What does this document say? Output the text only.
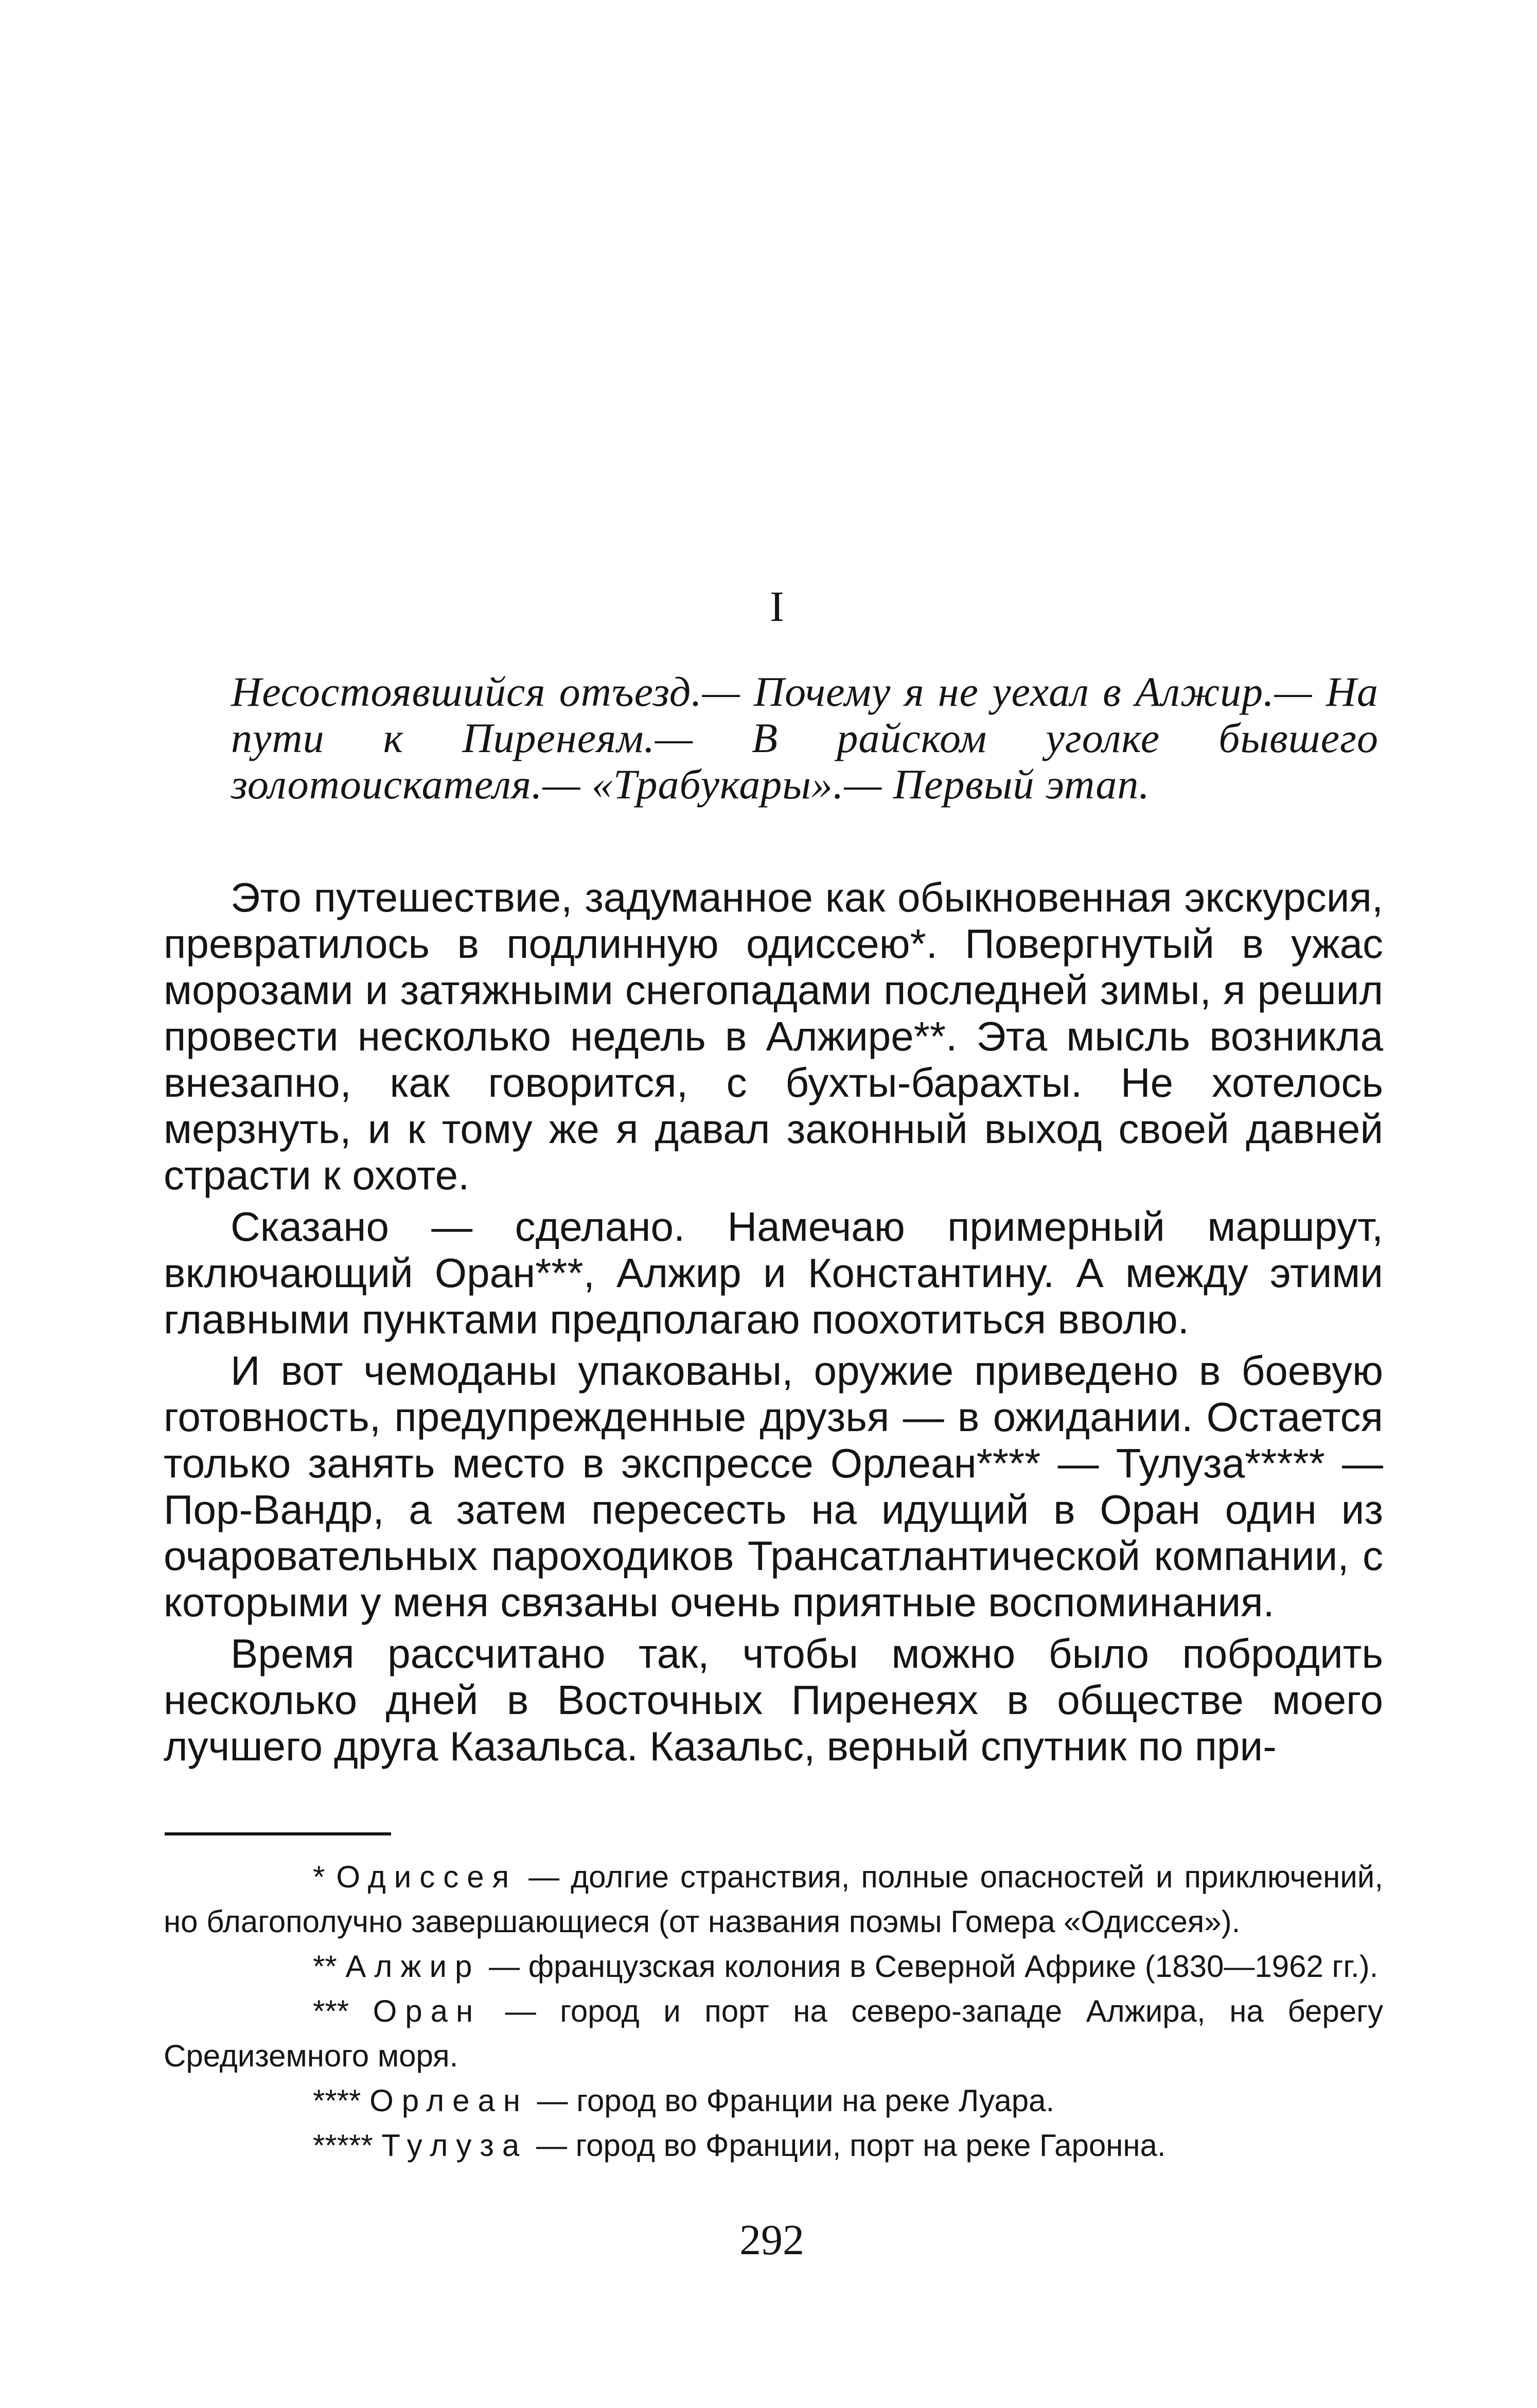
I

Несостоявшийся отъезд.— Почему я не уехал в Алжир.— На пути к Пиренеям.— В райском уголке бывшего золотоискателя.— «Трабукары».— Первый этап.

Это путешествие, задуманное как обыкновенная экскурсия, превратилось в подлинную одиссею*. Повергнутый в ужас морозами и затяжными снегопадами последней зимы, я решил провести несколько недель в Алжире**. Эта мысль возникла внезапно, как говорится, с бухты-барахты. Не хотелось мерзнуть, и к тому же я давал законный выход своей давней страсти к охоте.

Сказано — сделано. Намечаю примерный маршрут, включающий Оран***, Алжир и Константину. А между этими главными пунктами предполагаю поохотиться вволю.

И вот чемоданы упакованы, оружие приведено в боевую готовность, предупрежденные друзья — в ожидании. Остается только занять место в экспрессе Орлеан**** — Тулуза***** — Пор-Вандр, а затем пересесть на идущий в Оран один из очаровательных пароходиков Трансатлантической компании, с которыми у меня связаны очень приятные воспоминания.

Время рассчитано так, чтобы можно было побродить несколько дней в Восточных Пиренеях в обществе моего лучшего друга Казальса. Казальс, верный спутник по при-

* Одиссея — долгие странствия, полные опасностей и приключений, но благополучно завершающиеся (от названия поэмы Гомера «Одиссея»).

** Алжир — французская колония в Северной Африке (1830—1962 гг.).

*** Оран — город и порт на северо-западе Алжира, на берегу Средиземного моря.

**** Орлеан — город во Франции на реке Луара.

***** Тулуза — город во Франции, порт на реке Гаронна.

292
